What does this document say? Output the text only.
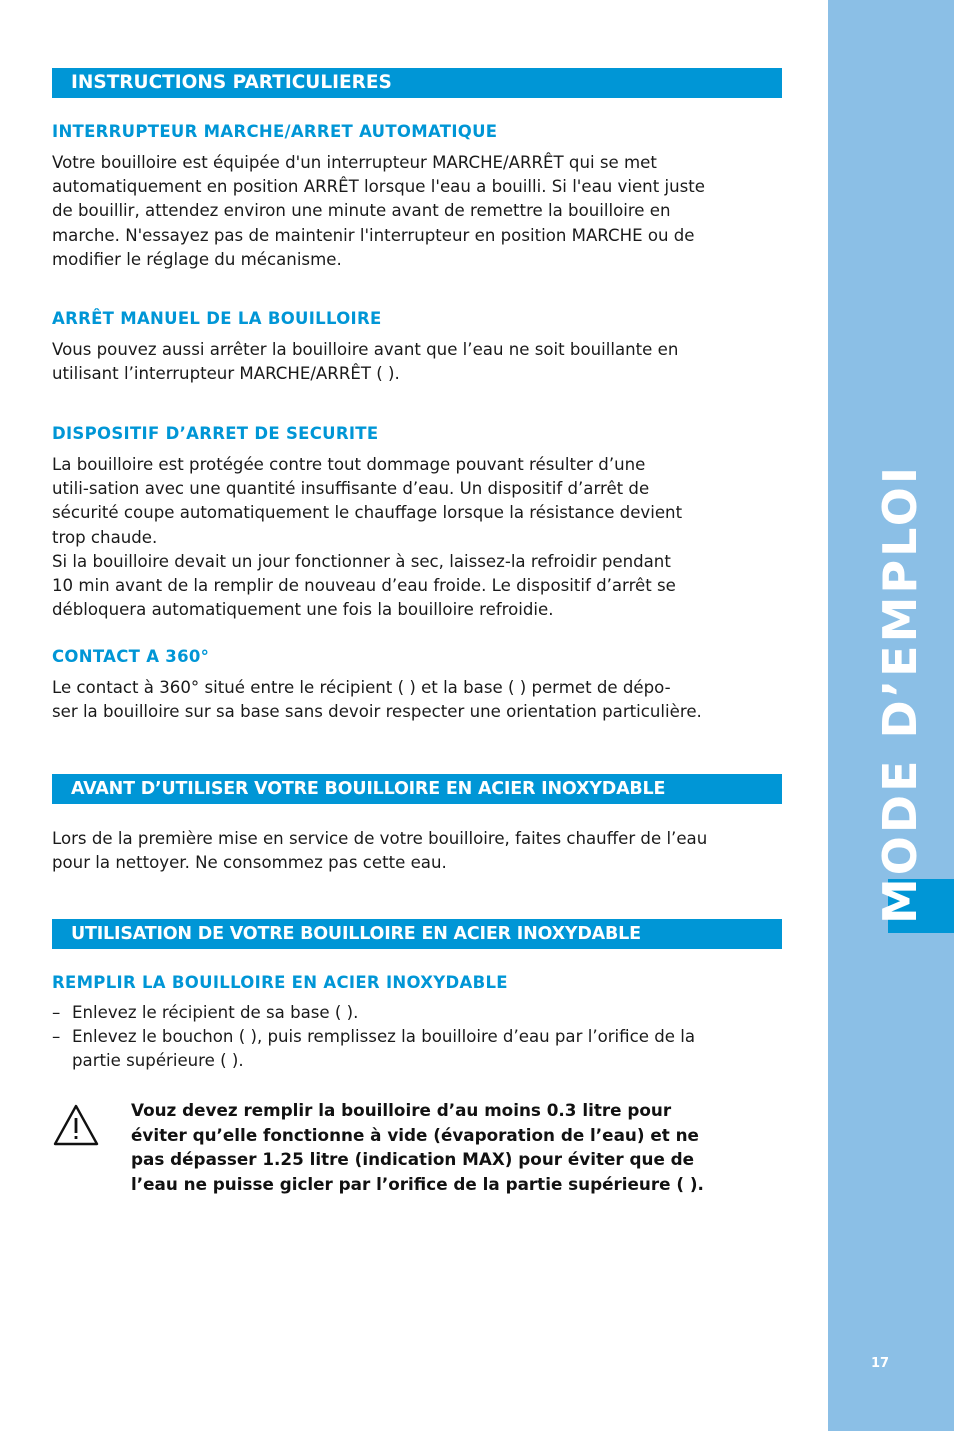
MODE D’EMPLOI
17
INSTRUCTIONS PARTICULIERES
INTERRUPTEUR MARCHE/ARRET AUTOMATIQUE
Votre bouilloire est équipée d'un interrupteur MARCHE/ARRÊT qui se met
automatiquement en position ARRÊT lorsque l'eau a bouilli. Si l'eau vient juste
de bouillir, attendez environ une minute avant de remettre la bouilloire en
marche. N'essayez pas de maintenir l'interrupteur en position MARCHE ou de
modifier le réglage du mécanisme.
ARRÊT MANUEL DE LA BOUILLOIRE
Vous pouvez aussi arrêter la bouilloire avant que l’eau ne soit bouillante en
utilisant l’interrupteur MARCHE/ARRÊT ( ).
DISPOSITIF D’ARRET DE SECURITE
La bouilloire est protégée contre tout dommage pouvant résulter d’une
utili-sation avec une quantité insuffisante d’eau. Un dispositif d’arrêt de
sécurité coupe automatiquement le chauffage lorsque la résistance devient
trop chaude.
Si la bouilloire devait un jour fonctionner à sec, laissez-la refroidir pendant
10 min avant de la remplir de nouveau d’eau froide. Le dispositif d’arrêt se
débloquera automatiquement une fois la bouilloire refroidie.
CONTACT A 360°
Le contact à 360° situé entre le récipient ( ) et la base ( ) permet de dépo-
ser la bouilloire sur sa base sans devoir respecter une orientation particulière.
AVANT D’UTILISER VOTRE BOUILLOIRE EN ACIER INOXYDABLE
Lors de la première mise en service de votre bouilloire, faites chauffer de l’eau
pour la nettoyer. Ne consommez pas cette eau.
UTILISATION DE VOTRE BOUILLOIRE EN ACIER INOXYDABLE
REMPLIR LA BOUILLOIRE EN ACIER INOXYDABLE
– Enlevez le récipient de sa base ( ).
– Enlevez le bouchon ( ), puis remplissez la bouilloire d’eau par l’orifice de la
partie supérieure ( ).
Vouz devez remplir la bouilloire d’au moins 0.3 litre pour
éviter qu’elle fonctionne à vide (évaporation de l’eau) et ne
pas dépasser 1.25 litre (indication MAX) pour éviter que de
l’eau ne puisse gicler par l’orifice de la partie supérieure ( ).
